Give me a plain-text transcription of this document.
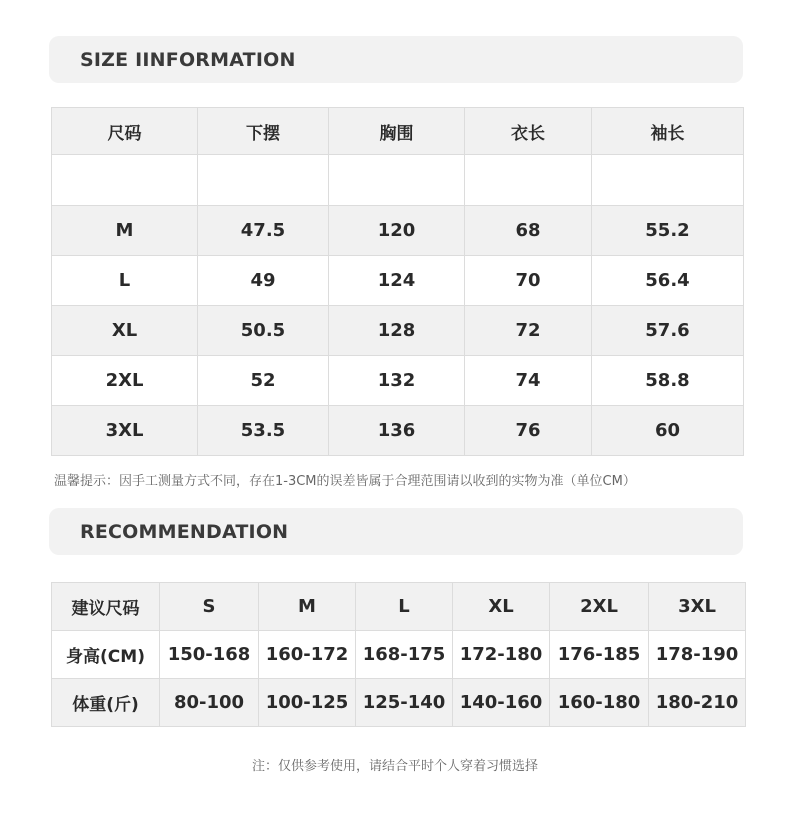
SIZE IINFORMATION
尺码	下摆	胸围	衣长	袖长

M	47.5	120	68	55.2
L	49	124	70	56.4
XL	50.5	128	72	57.6
2XL	52	132	74	58.8
3XL	53.5	136	76	60
温馨提示：因手工测量方式不同，存在1-3CM的误差皆属于合理范围请以收到的实物为准（单位CM）
RECOMMENDATION
建议尺码	S	M	L	XL	2XL	3XL
身高(CM)	150-168	160-172	168-175	172-180	176-185	178-190
体重(斤)	80-100	100-125	125-140	140-160	160-180	180-210
注：仅供参考使用，请结合平时个人穿着习惯选择
